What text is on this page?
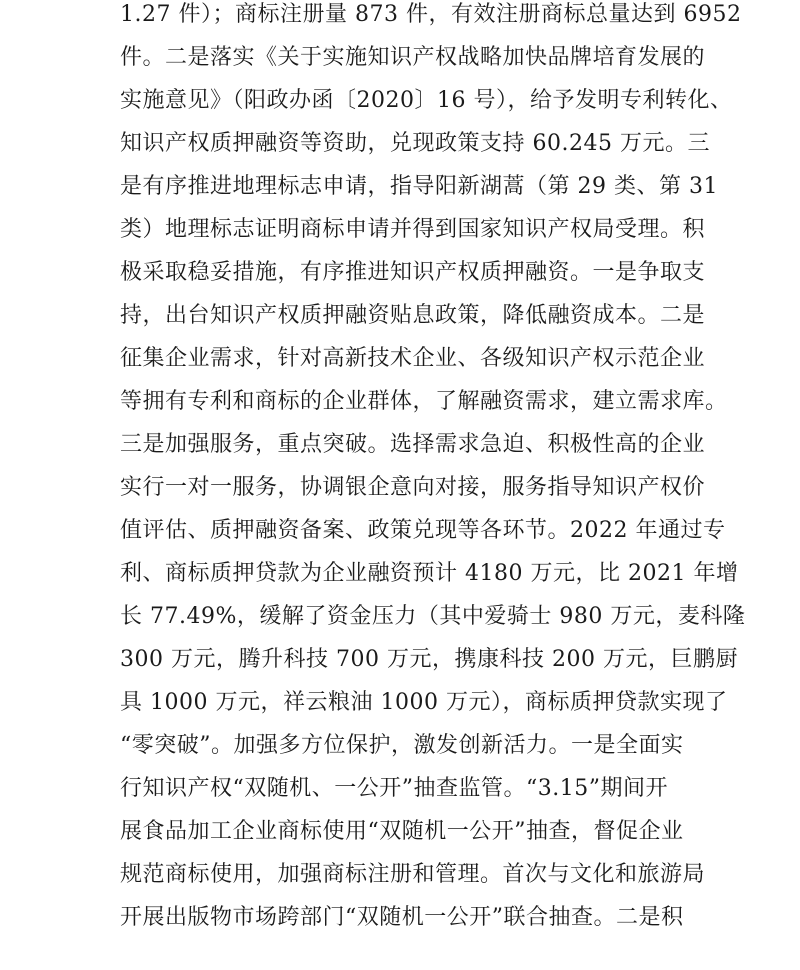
1.27 件）；商标注册量 873 件，有效注册商标总量达到 6952
件。二是落实《关于实施知识产权战略加快品牌培育发展的
实施意见》（阳政办函〔2020〕16 号），给予发明专利转化、
知识产权质押融资等资助，兑现政策支持 60.245 万元。三
是有序推进地理标志申请，指导阳新湖蒿（第 29 类、第 31
类）地理标志证明商标申请并得到国家知识产权局受理。积
极采取稳妥措施，有序推进知识产权质押融资。一是争取支
持，出台知识产权质押融资贴息政策，降低融资成本。二是
征集企业需求，针对高新技术企业、各级知识产权示范企业
等拥有专利和商标的企业群体，了解融资需求，建立需求库。
三是加强服务，重点突破。选择需求急迫、积极性高的企业
实行一对一服务，协调银企意向对接，服务指导知识产权价
值评估、质押融资备案、政策兑现等各环节。2022 年通过专
利、商标质押贷款为企业融资预计 4180 万元，比 2021 年增
长 77.49%，缓解了资金压力（其中爱骑士 980 万元，麦科隆
300 万元，腾升科技 700 万元，携康科技 200 万元，巨鹏厨
具 1000 万元，祥云粮油 1000 万元），商标质押贷款实现了
“零突破”。加强多方位保护，激发创新活力。一是全面实
行知识产权“双随机、一公开”抽查监管。“3.15”期间开
展食品加工企业商标使用“双随机一公开”抽查，督促企业
规范商标使用，加强商标注册和管理。首次与文化和旅游局
开展出版物市场跨部门“双随机一公开”联合抽查。二是积
